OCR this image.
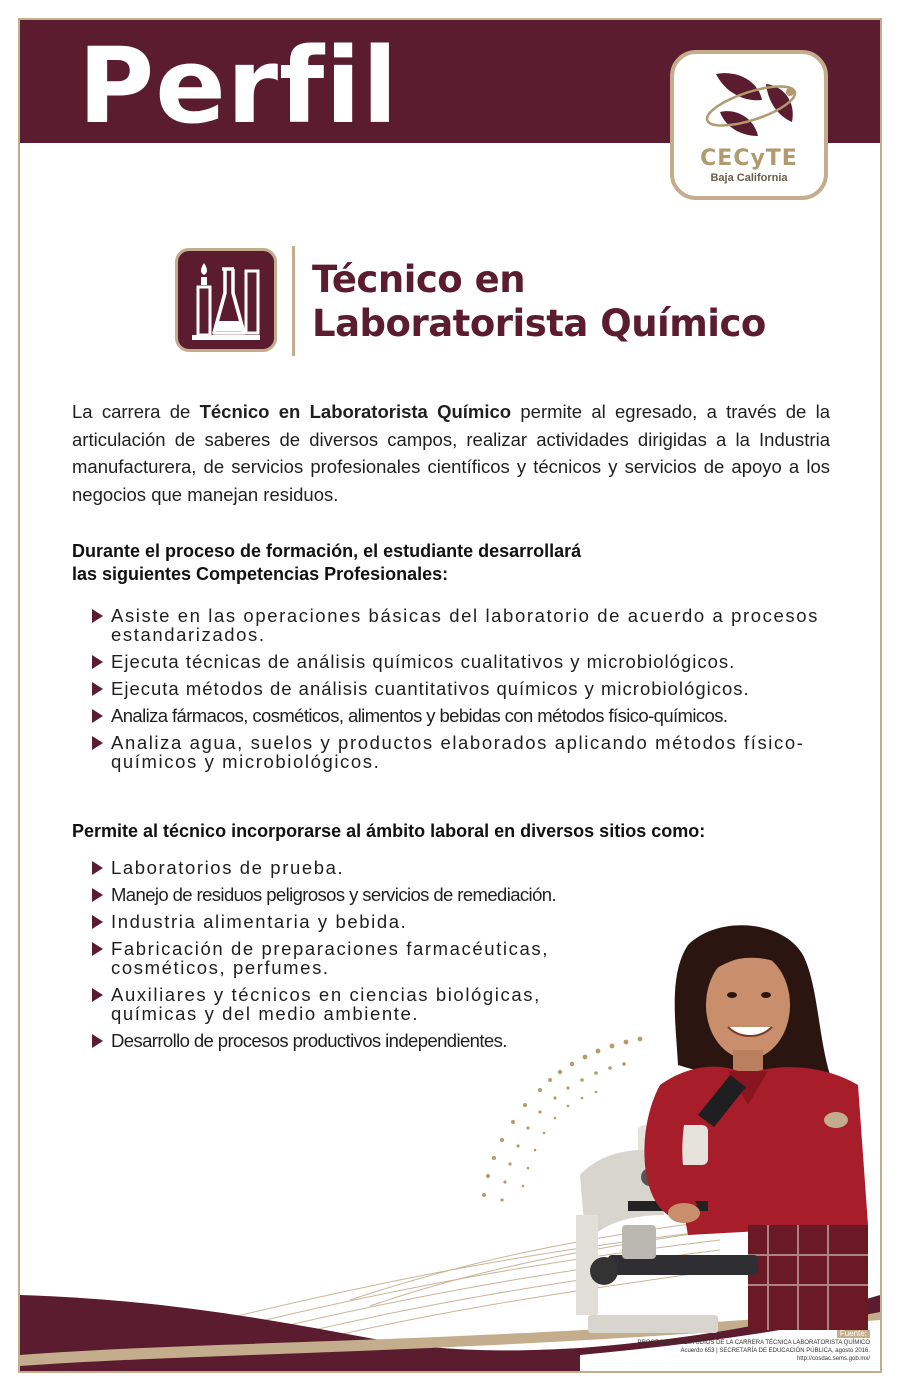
Perfil
CECyTE
Baja California
Técnico en
Laboratorista Químico

La carrera de Técnico en Laboratorista Químico permite al egresado, a través de la articulación de saberes de diversos campos, realizar actividades dirigidas a la Industria manufacturera, de servicios profesionales científicos y técnicos y servicios de apoyo a los negocios que manejan residuos.

Durante el proceso de formación, el estudiante desarrollará
las siguientes Competencias Profesionales:
Asiste en las operaciones básicas del laboratorio de acuerdo a procesos estandarizados.
Ejecuta técnicas de análisis químicos cualitativos y microbiológicos.
Ejecuta métodos de análisis cuantitativos químicos y microbiológicos.
Analiza fármacos, cosméticos, alimentos y bebidas con métodos físico-químicos.
Analiza agua, suelos y productos elaborados aplicando métodos físico-químicos y microbiológicos.
Permite al técnico incorporarse al ámbito laboral en diversos sitios como:
Laboratorios de prueba.
Manejo de residuos peligrosos y servicios de remediación.
Industria alimentaria y bebida.
Fabricación de preparaciones farmacéuticas, cosméticos, perfumes.
Auxiliares y técnicos en ciencias biológicas, químicas y del medio ambiente.
Desarrollo de procesos productivos independientes.
Fuente:
PROGRAMA DE ESTUDIOS DE LA CARRERA TÉCNICA LABORATORISTA QUÍMICO
Acuerdo 653 | SECRETARÍA DE EDUCACIÓN PÚBLICA, agosto 2016.
http://cosdac.sems.gob.mx/
